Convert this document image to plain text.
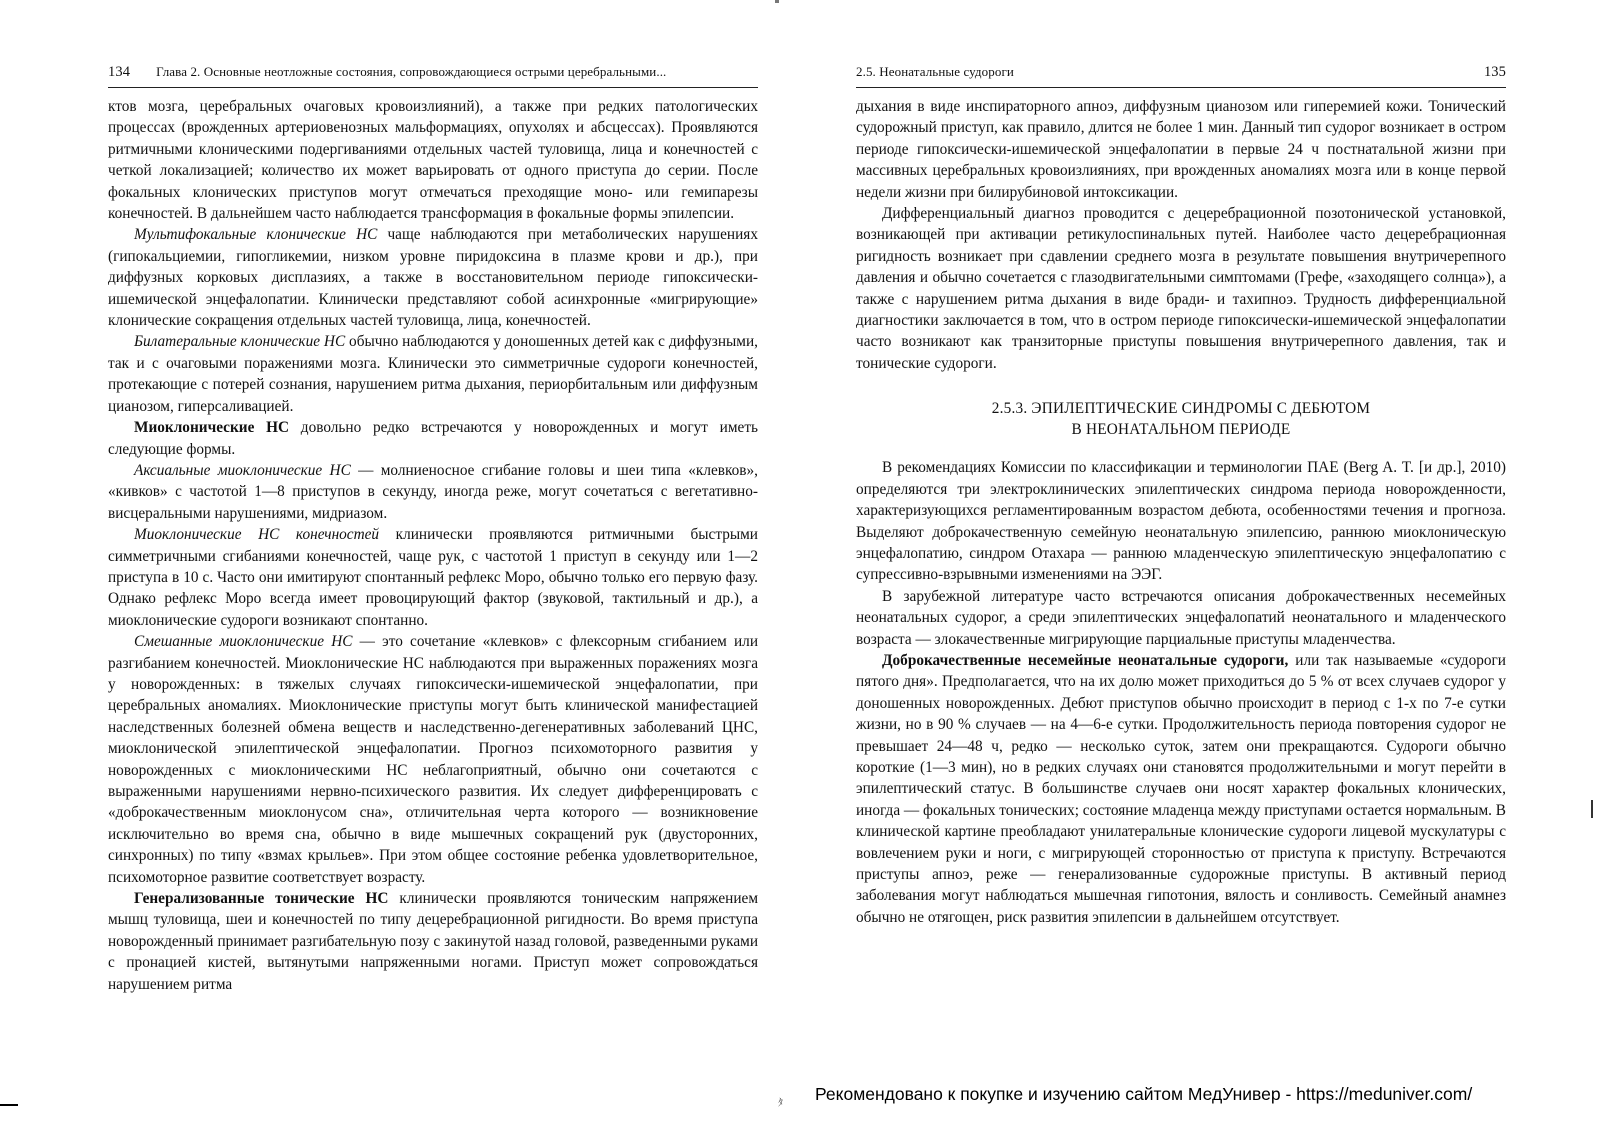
134 Глава 2. Основные неотложные состояния, сопровождающиеся острыми церебральными...

ктов мозга, церебральных очаговых кровоизлияний), а также при редких патологических процессах (врожденных артериовенозных мальформациях, опухолях и абсцессах). Проявляются ритмичными клоническими подергиваниями отдельных частей туловища, лица и конечностей с четкой локализацией; количество их может варьировать от одного приступа до серии. После фокальных клонических приступов могут отмечаться преходящие моно- или гемипарезы конечностей. В дальнейшем часто наблюдается трансформация в фокальные формы эпилепсии.

Мультифокальные клонические НС чаще наблюдаются при метаболических нарушениях (гипокальциемии, гипогликемии, низком уровне пиридоксина в плазме крови и др.), при диффузных корковых дисплазиях, а также в восстановительном периоде гипоксически-ишемической энцефалопатии. Клинически представляют собой асинхронные «мигрирующие» клонические сокращения отдельных частей туловища, лица, конечностей.

Билатеральные клонические НС обычно наблюдаются у доношенных детей как с диффузными, так и с очаговыми поражениями мозга. Клинически это симметричные судороги конечностей, протекающие с потерей сознания, нарушением ритма дыхания, периорбитальным или диффузным цианозом, гиперсаливацией.

Миоклонические НС довольно редко встречаются у новорожденных и могут иметь следующие формы.

Аксиальные миоклонические НС — молниеносное сгибание головы и шеи типа «клевков», «кивков» с частотой 1—8 приступов в секунду, иногда реже, могут сочетаться с вегетативно-висцеральными нарушениями, мидриазом.

Миоклонические НС конечностей клинически проявляются ритмичными быстрыми симметричными сгибаниями конечностей, чаще рук, с частотой 1 приступ в секунду или 1—2 приступа в 10 с. Часто они имитируют спонтанный рефлекс Моро, обычно только его первую фазу. Однако рефлекс Моро всегда имеет провоцирующий фактор (звуковой, тактильный и др.), а миоклонические судороги возникают спонтанно.

Смешанные миоклонические НС — это сочетание «клевков» с флексорным сгибанием или разгибанием конечностей. Миоклонические НС наблюдаются при выраженных поражениях мозга у новорожденных: в тяжелых случаях гипоксически-ишемической энцефалопатии, при церебральных аномалиях. Миоклонические приступы могут быть клинической манифестацией наследственных болезней обмена веществ и наследственно-дегенеративных заболеваний ЦНС, миоклонической эпилептической энцефалопатии. Прогноз психомоторного развития у новорожденных с миоклоническими НС неблагоприятный, обычно они сочетаются с выраженными нарушениями нервно-психического развития. Их следует дифференцировать с «доброкачественным миоклонусом сна», отличительная черта которого — возникновение исключительно во время сна, обычно в виде мышечных сокращений рук (двусторонних, синхронных) по типу «взмах крыльев». При этом общее состояние ребенка удовлетворительное, психомоторное развитие соответствует возрасту.

Генерализованные тонические НС клинически проявляются тоническим напряжением мышц туловища, шеи и конечностей по типу децеребрационной ригидности. Во время приступа новорожденный принимает разгибательную позу с закинутой назад головой, разведенными руками с пронацией кистей, вытянутыми напряженными ногами. Приступ может сопровождаться нарушением ритма

2.5. Неонатальные судороги	135

дыхания в виде инспираторного апноэ, диффузным цианозом или гиперемией кожи. Тонический судорожный приступ, как правило, длится не более 1 мин. Данный тип судорог возникает в остром периоде гипоксически-ишемической энцефалопатии в первые 24 ч постнатальной жизни при массивных церебральных кровоизлияниях, при врожденных аномалиях мозга или в конце первой недели жизни при билирубиновой интоксикации.

Дифференциальный диагноз проводится с децеребрационной позотонической установкой, возникающей при активации ретикулоспинальных путей. Наиболее часто децеребрационная ригидность возникает при сдавлении среднего мозга в результате повышения внутричерепного давления и обычно сочетается с глазодвигательными симптомами (Грефе, «заходящего солнца»), а также с нарушением ритма дыхания в виде бради- и тахипноэ. Трудность дифференциальной диагностики заключается в том, что в остром периоде гипоксически-ишемической энцефалопатии часто возникают как транзиторные приступы повышения внутричерепного давления, так и тонические судороги.

2.5.3. ЭПИЛЕПТИЧЕСКИЕ СИНДРОМЫ С ДЕБЮТОМ
В НЕОНАТАЛЬНОМ ПЕРИОДЕ

В рекомендациях Комиссии по классификации и терминологии ПАЕ (Berg A. T. [и др.], 2010) определяются три электроклинических эпилептических синдрома периода новорожденности, характеризующихся регламентированным возрастом дебюта, особенностями течения и прогноза. Выделяют доброкачественную семейную неонатальную эпилепсию, раннюю миоклоническую энцефалопатию, синдром Отахара — раннюю младенческую эпилептическую энцефалопатию с супрессивно-взрывными изменениями на ЭЭГ.

В зарубежной литературе часто встречаются описания доброкачественных несемейных неонатальных судорог, а среди эпилептических энцефалопатий неонатального и младенческого возраста — злокачественные мигрирующие парциальные приступы младенчества.

Доброкачественные несемейные неонатальные судороги, или так называемые «судороги пятого дня». Предполагается, что на их долю может приходиться до 5 % от всех случаев судорог у доношенных новорожденных. Дебют приступов обычно происходит в период с 1-х по 7-е сутки жизни, но в 90 % случаев — на 4—6-е сутки. Продолжительность периода повторения судорог не превышает 24—48 ч, редко — несколько суток, затем они прекращаются. Судороги обычно короткие (1—3 мин), но в редких случаях они становятся продолжительными и могут перейти в эпилептический статус. В большинстве случаев они носят характер фокальных клонических, иногда — фокальных тонических; состояние младенца между приступами остается нормальным. В клинической картине преобладают унилатеральные клонические судороги лицевой мускулатуры с вовлечением руки и ноги, с мигрирующей сторонностью от приступа к приступу. Встречаются приступы апноэ, реже — генерализованные судорожные приступы. В активный период заболевания могут наблюдаться мышечная гипотония, вялость и сонливость. Семейный анамнез обычно не отягощен, риск развития эпилепсии в дальнейшем отсутствует.

ﾀ Рекомендовано к покупке и изучению сайтом МедУнивер - https://meduniver.com/
